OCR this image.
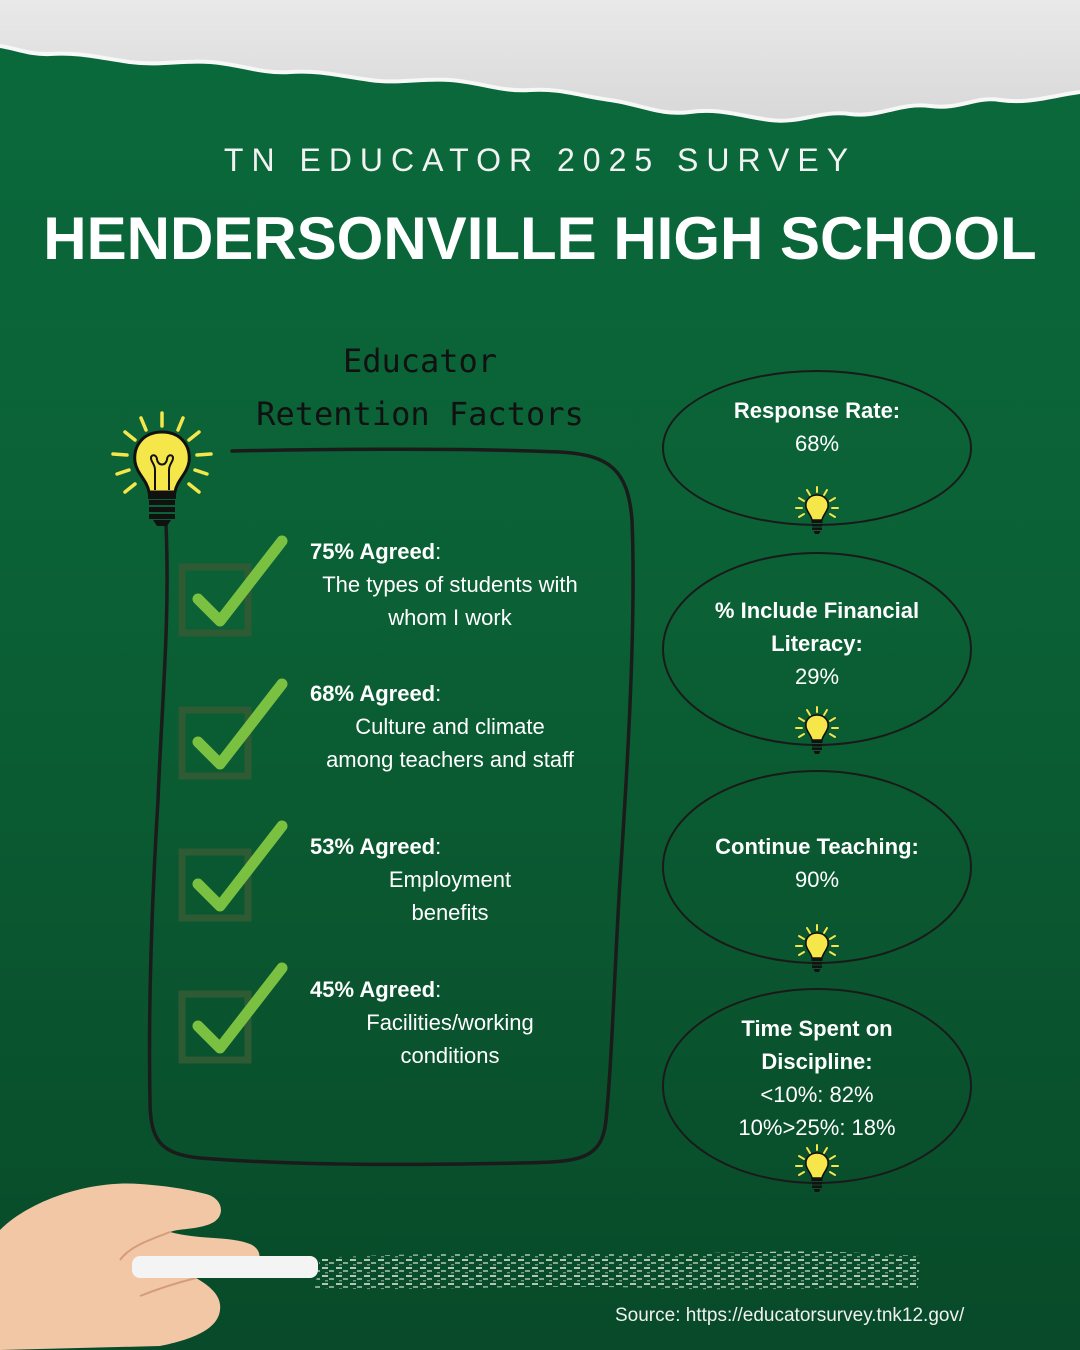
TN EDUCATOR 2025 SURVEY
HENDERSONVILLE HIGH SCHOOL
Educator
Retention Factors
75% Agreed:
The types of students with whom I work
68% Agreed:
Culture and climate among teachers and staff
53% Agreed:
Employment benefits
45% Agreed:
Facilities/working conditions
Response Rate:
68%
% Include Financial Literacy:
29%
Continue Teaching:
90%
Time Spent on Discipline:
<10%: 82%
10%>25%: 18%
Source: https://educatorsurvey.tnk12.gov/
